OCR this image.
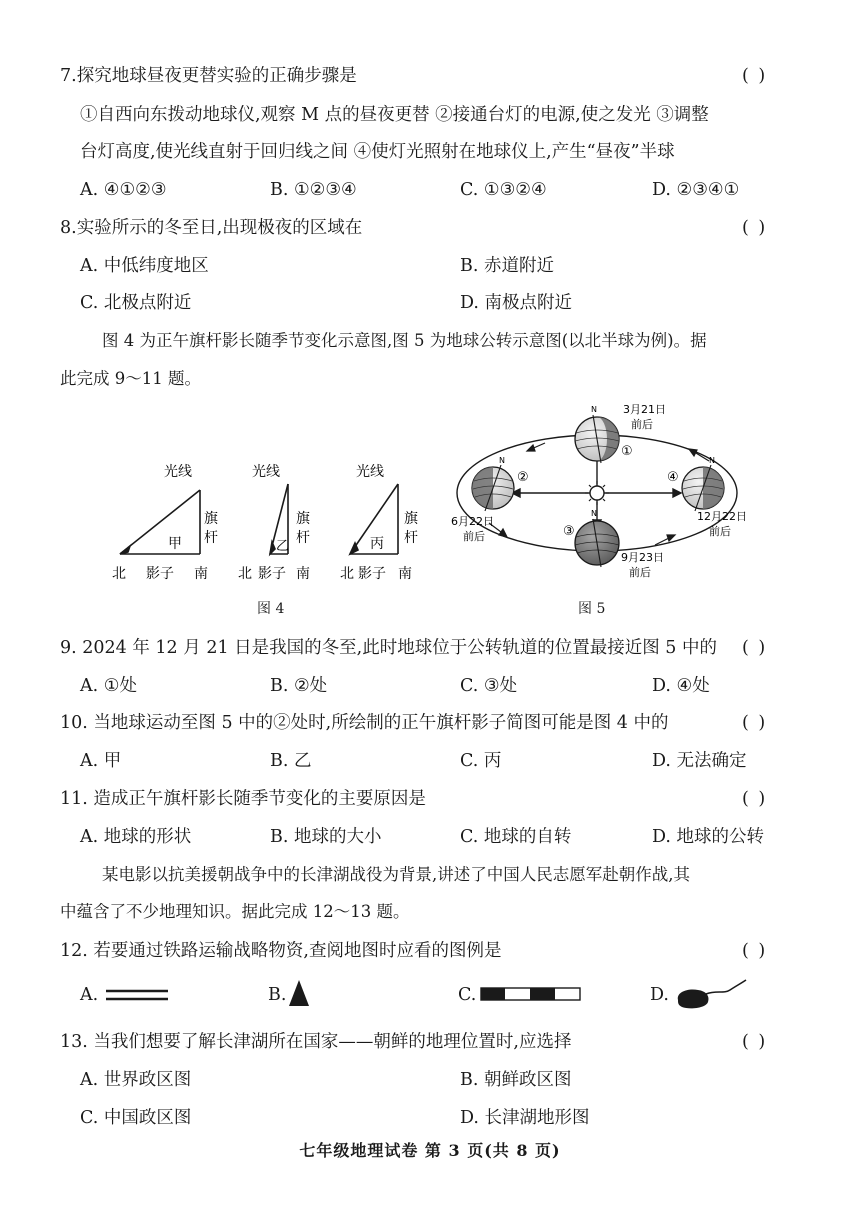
7.探究地球昼夜更替实验的正确步骤是	( )
①自西向东拨动地球仪,观察 M 点的昼夜更替 ②接通台灯的电源,使之发光 ③调整
台灯高度,使光线直射于回归线之间 ④使灯光照射在地球仪上,产生“昼夜”半球
A. ④①②③	B. ①②③④	C. ①③②④	D. ②③④①
8.实验所示的冬至日,出现极夜的区域在	( )
A. 中低纬度地区	B. 赤道附近
C. 北极点附近	D. 南极点附近
图 4 为正午旗杆影长随季节变化示意图,图 5 为地球公转示意图(以北半球为例)。据
此完成 9～11 题。
光线
旗
杆
甲
北 影子 南
光线
旗
杆
乙
北 影子 南
光线
旗
杆
丙
北 影子 南
图 4
N
N
N
N
①
②
③
④
3月21日
前后
6月22日
前后
9月23日
前后
12月22日
前后
图 5
9. 2024 年 12 月 21 日是我国的冬至,此时地球位于公转轨道的位置最接近图 5 中的 ( )
A. ①处	B. ②处	C. ③处	D. ④处
10. 当地球运动至图 5 中的②处时,所绘制的正午旗杆影子简图可能是图 4 中的	( )
A. 甲	B. 乙	C. 丙	D. 无法确定
11. 造成正午旗杆影长随季节变化的主要原因是	( )
A. 地球的形状	B. 地球的大小	C. 地球的自转	D. 地球的公转
某电影以抗美援朝战争中的长津湖战役为背景,讲述了中国人民志愿军赴朝作战,其
中蕴含了不少地理知识。据此完成 12～13 题。
12. 若要通过铁路运输战略物资,查阅地图时应看的图例是	( )
A.	B.	C.	D.
13. 当我们想要了解长津湖所在国家——朝鲜的地理位置时,应选择	( )
A. 世界政区图	B. 朝鲜政区图
C. 中国政区图	D. 长津湖地形图
七年级地理试卷 第 3 页(共 8 页)
